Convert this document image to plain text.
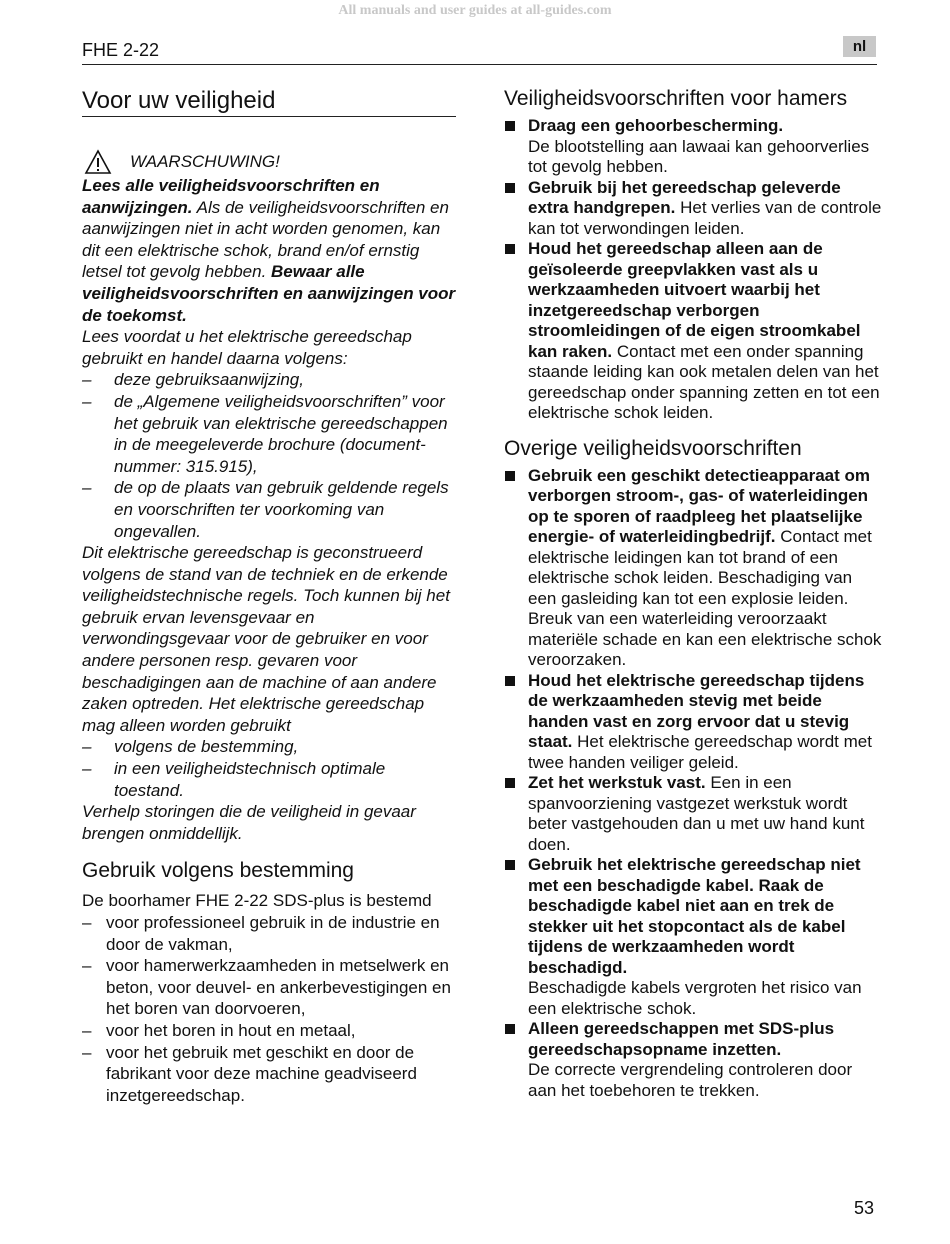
All manuals and user guides at all-guides.com
FHE 2-22	nl
Voor uw veiligheid
WAARSCHUWING!

Lees alle veiligheidsvoorschriften en aanwijzingen. Als de veiligheidsvoorschriften en aanwijzingen niet in acht worden genomen, kan dit een elektrische schok, brand en/of ernstig letsel tot gevolg hebben. Bewaar alle veiligheidsvoorschriften en aanwijzingen voor de toekomst.

Lees voordat u het elektrische gereedschap gebruikt en handel daarna volgens:

– deze gebruiksaanwijzing,
– de „Algemene veiligheidsvoorschriften” voor het gebruik van elektrische gereedschappen in de meegeleverde brochure (document-nummer: 315.915),
– de op de plaats van gebruik geldende regels en voorschriften ter voorkoming van ongevallen.

Dit elektrische gereedschap is geconstrueerd volgens de stand van de techniek en de erkende veiligheidstechnische regels. Toch kunnen bij het gebruik ervan levensgevaar en verwondingsgevaar voor de gebruiker en voor andere personen resp. gevaren voor beschadigingen aan de machine of aan andere zaken optreden. Het elektrische gereedschap mag alleen worden gebruikt

– volgens de bestemming,
– in een veiligheidstechnisch optimale toestand.

Verhelp storingen die de veiligheid in gevaar brengen onmiddellijk.

Gebruik volgens bestemming

De boorhamer FHE 2-22 SDS-plus is bestemd

– voor professioneel gebruik in de industrie en door de vakman,
– voor hamerwerkzaamheden in metselwerk en beton, voor deuvel- en ankerbevestigingen en het boren van doorvoeren,
– voor het boren in hout en metaal,
– voor het gebruik met geschikt en door de fabrikant voor deze machine geadviseerd inzetgereedschap.
Veiligheidsvoorschriften voor hamers
Draag een gehoorbescherming.
De blootstelling aan lawaai kan gehoorverlies tot gevolg hebben.
Gebruik bij het gereedschap geleverde extra handgrepen. Het verlies van de controle kan tot verwondingen leiden.
Houd het gereedschap alleen aan de geïsoleerde greepvlakken vast als u werkzaamheden uitvoert waarbij het inzetgereedschap verborgen stroomleidingen of de eigen stroomkabel kan raken. Contact met een onder spanning staande leiding kan ook metalen delen van het gereedschap onder spanning zetten en tot een elektrische schok leiden.
Overige veiligheidsvoorschriften
Gebruik een geschikt detectieapparaat om verborgen stroom-, gas- of waterleidingen op te sporen of raadpleeg het plaatselijke energie- of waterleidingbedrijf. Contact met elektrische leidingen kan tot brand of een elektrische schok leiden. Beschadiging van een gasleiding kan tot een explosie leiden. Breuk van een waterleiding veroorzaakt materiële schade en kan een elektrische schok veroorzaken.
Houd het elektrische gereedschap tijdens de werkzaamheden stevig met beide handen vast en zorg ervoor dat u stevig staat. Het elektrische gereedschap wordt met twee handen veiliger geleid.
Zet het werkstuk vast. Een in een spanvoorziening vastgezet werkstuk wordt beter vastgehouden dan u met uw hand kunt doen.
Gebruik het elektrische gereedschap niet met een beschadigde kabel. Raak de beschadigde kabel niet aan en trek de stekker uit het stopcontact als de kabel tijdens de werkzaamheden wordt beschadigd.
Beschadigde kabels vergroten het risico van een elektrische schok.
Alleen gereedschappen met SDS-plus gereedschapsopname inzetten.
De correcte vergrendeling controleren door aan het toebehoren te trekken.
53
